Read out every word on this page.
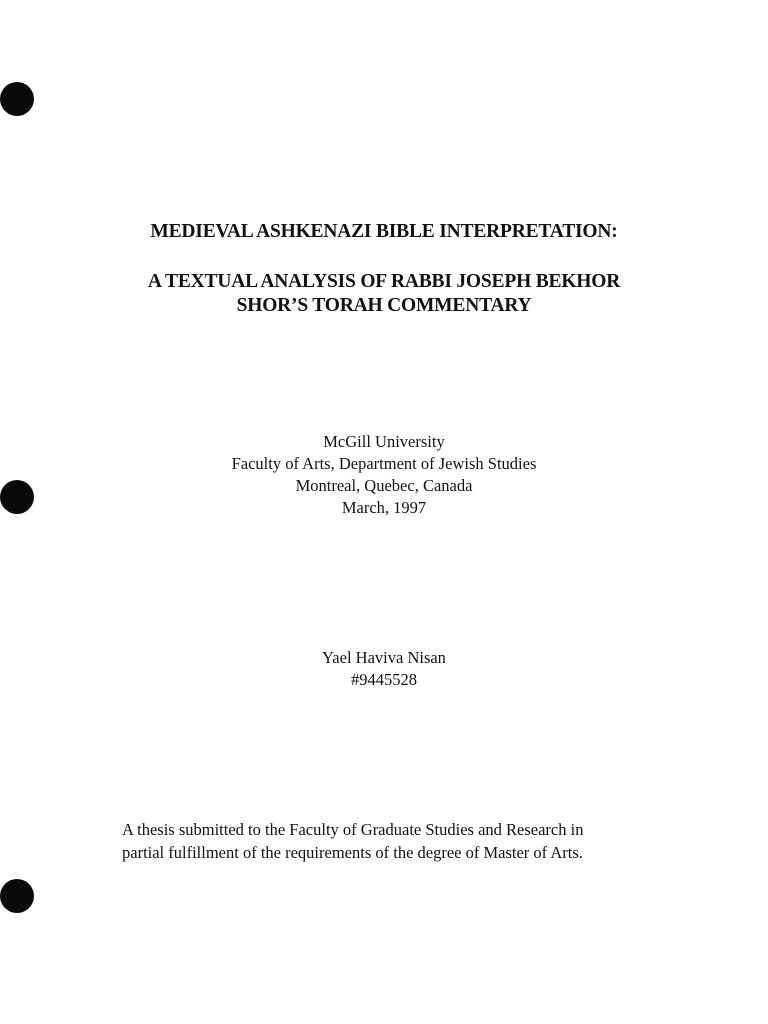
MEDIEVAL ASHKENAZI BIBLE INTERPRETATION:
A TEXTUAL ANALYSIS OF RABBI JOSEPH BEKHOR
SHOR’S TORAH COMMENTARY
McGill University
Faculty of Arts, Department of Jewish Studies
Montreal, Quebec, Canada
March, 1997
Yael Haviva Nisan
#9445528
A thesis submitted to the Faculty of Graduate Studies and Research in
partial fulfillment of the requirements of the degree of Master of Arts.
